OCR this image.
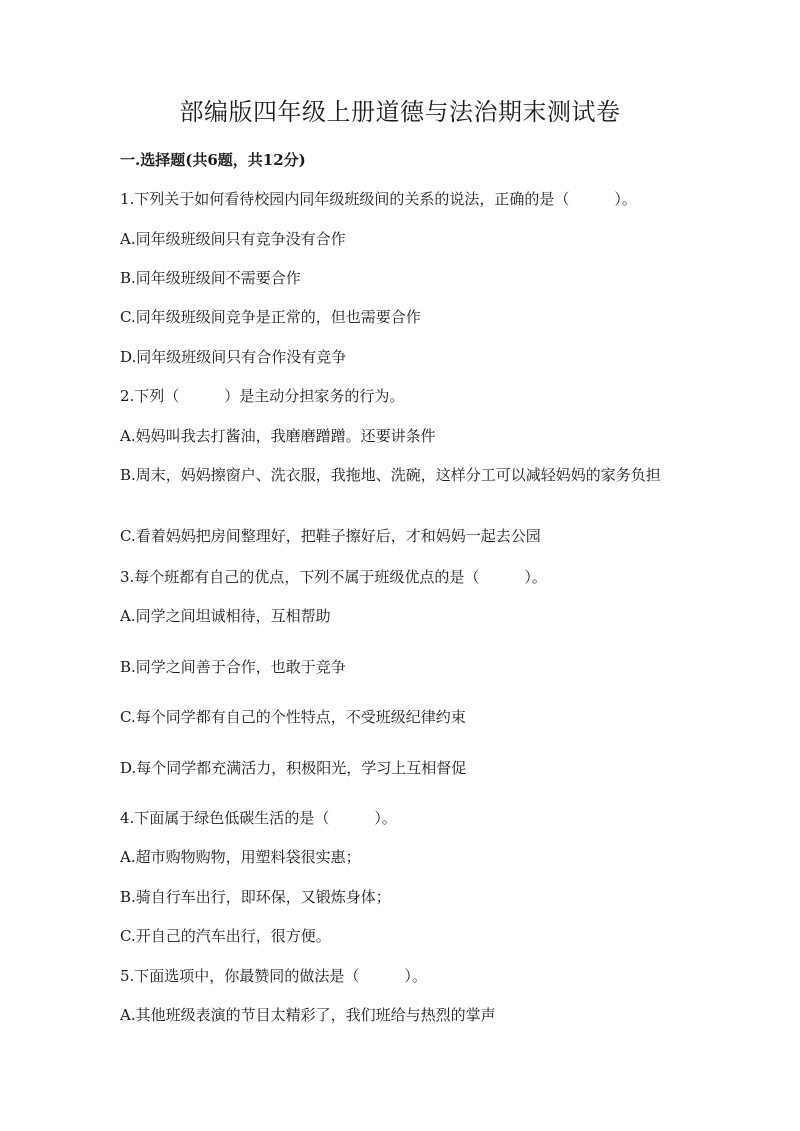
部编版四年级上册道德与法治期末测试卷
一.选择题(共6题，共12分)
1.下列关于如何看待校园内同年级班级间的关系的说法，正确的是（　　　）。
A.同年级班级间只有竞争没有合作
B.同年级班级间不需要合作
C.同年级班级间竞争是正常的，但也需要合作
D.同年级班级间只有合作没有竞争
2.下列（　　　）是主动分担家务的行为。
A.妈妈叫我去打酱油，我磨磨蹭蹭。还要讲条件
B.周末，妈妈擦窗户、洗衣服，我拖地、洗碗，这样分工可以减轻妈妈的家务负担
C.看着妈妈把房间整理好，把鞋子擦好后，才和妈妈一起去公园
3.每个班都有自己的优点，下列不属于班级优点的是（　　　）。
A.同学之间坦诚相待，互相帮助
B.同学之间善于合作，也敢于竞争
C.每个同学都有自己的个性特点，不受班级纪律约束
D.每个同学都充满活力，积极阳光，学习上互相督促
4.下面属于绿色低碳生活的是（　　　）。
A.超市购物购物，用塑料袋很实惠；
B.骑自行车出行，即环保，又锻炼身体；
C.开自己的汽车出行，很方便。
5.下面选项中，你最赞同的做法是（　　　）。
A.其他班级表演的节目太精彩了，我们班给与热烈的掌声
